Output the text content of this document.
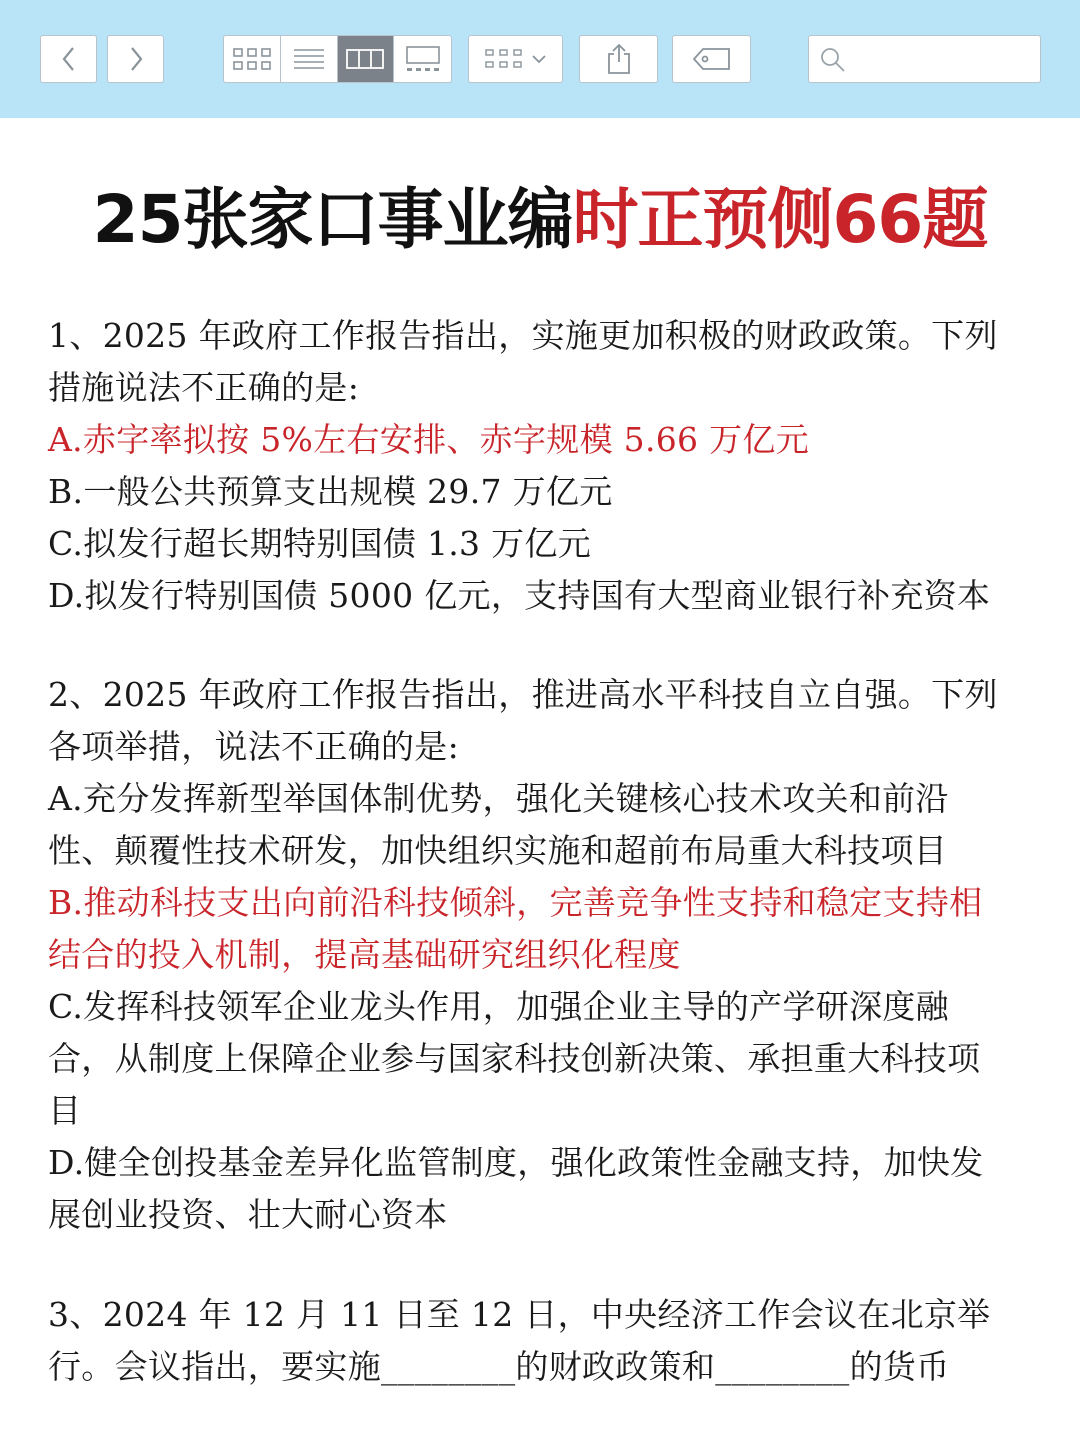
25张家口事业编时正预侧66题
1、2025 年政府工作报告指出，实施更加积极的财政政策。下列
措施说法不正确的是:
A.赤字率拟按 5%左右安排、赤字规模 5.66 万亿元
B.一般公共预算支出规模 29.7 万亿元
C.拟发行超长期特别国债 1.3 万亿元
D.拟发行特别国债 5000 亿元，支持国有大型商业银行补充资本
2、2025 年政府工作报告指出，推进高水平科技自立自强。下列
各项举措，说法不正确的是:
A.充分发挥新型举国体制优势，强化关键核心技术攻关和前沿
性、颠覆性技术研发，加快组织实施和超前布局重大科技项目
B.推动科技支出向前沿科技倾斜，完善竞争性支持和稳定支持相
结合的投入机制，提高基础研究组织化程度
C.发挥科技领军企业龙头作用，加强企业主导的产学研深度融
合，从制度上保障企业参与国家科技创新决策、承担重大科技项
目
D.健全创投基金差异化监管制度，强化政策性金融支持，加快发
展创业投资、壮大耐心资本
3、2024 年 12 月 11 日至 12 日，中央经济工作会议在北京举
行。会议指出，要实施________的财政政策和________的货币
